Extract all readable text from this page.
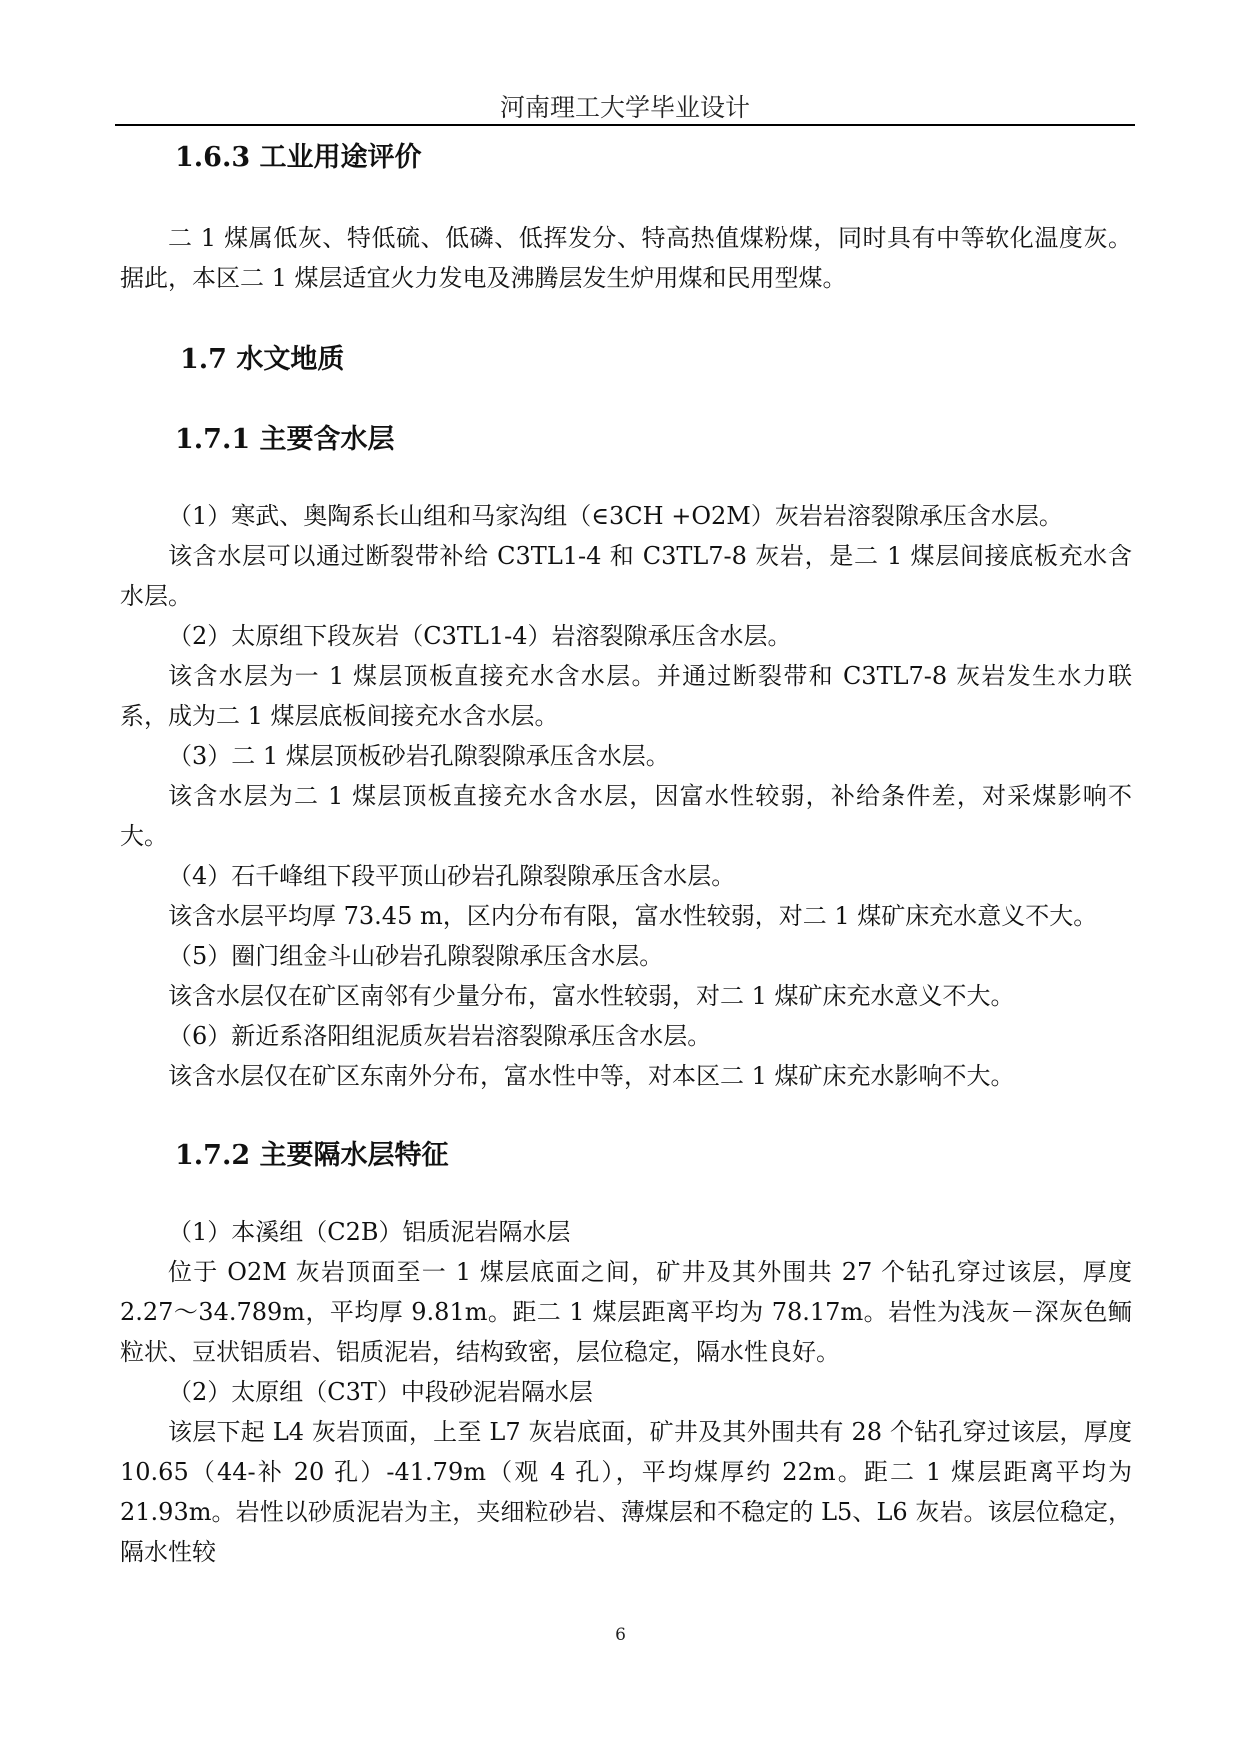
河南理工大学毕业设计
1.6.3 工业用途评价

二 1 煤属低灰、特低硫、低磷、低挥发分、特高热值煤粉煤，同时具有中等软化温度灰。据此，本区二 1 煤层适宜火力发电及沸腾层发生炉用煤和民用型煤。

1.7 水文地质
1.7.1 主要含水层

（1）寒武、奥陶系长山组和马家沟组（∈3CH +O2M）灰岩岩溶裂隙承压含水层。

该含水层可以通过断裂带补给 C3TL1-4 和 C3TL7-8 灰岩，是二 1 煤层间接底板充水含水层。

（2）太原组下段灰岩（C3TL1-4）岩溶裂隙承压含水层。

该含水层为一 1 煤层顶板直接充水含水层。并通过断裂带和 C3TL7-8 灰岩发生水力联系，成为二 1 煤层底板间接充水含水层。

（3）二 1 煤层顶板砂岩孔隙裂隙承压含水层。

该含水层为二 1 煤层顶板直接充水含水层，因富水性较弱，补给条件差，对采煤影响不大。

（4）石千峰组下段平顶山砂岩孔隙裂隙承压含水层。

该含水层平均厚 73.45 m，区内分布有限，富水性较弱，对二 1 煤矿床充水意义不大。

（5）圈门组金斗山砂岩孔隙裂隙承压含水层。

该含水层仅在矿区南邻有少量分布，富水性较弱，对二 1 煤矿床充水意义不大。

（6）新近系洛阳组泥质灰岩岩溶裂隙承压含水层。

该含水层仅在矿区东南外分布，富水性中等，对本区二 1 煤矿床充水影响不大。

1.7.2 主要隔水层特征

（1）本溪组（C2B）铝质泥岩隔水层

位于 O2M 灰岩顶面至一 1 煤层底面之间，矿井及其外围共 27 个钻孔穿过该层，厚度 2.27～34.789m，平均厚 9.81m。距二 1 煤层距离平均为 78.17m。岩性为浅灰－深灰色鲕粒状、豆状铝质岩、铝质泥岩，结构致密，层位稳定，隔水性良好。

（2）太原组（C3T）中段砂泥岩隔水层

该层下起 L4 灰岩顶面，上至 L7 灰岩底面，矿井及其外围共有 28 个钻孔穿过该层，厚度 10.65（44-补 20 孔）-41.79m（观 4 孔），平均煤厚约 22m。距二 1 煤层距离平均为 21.93m。岩性以砂质泥岩为主，夹细粒砂岩、薄煤层和不稳定的 L5、L6 灰岩。该层位稳定，隔水性较

6
